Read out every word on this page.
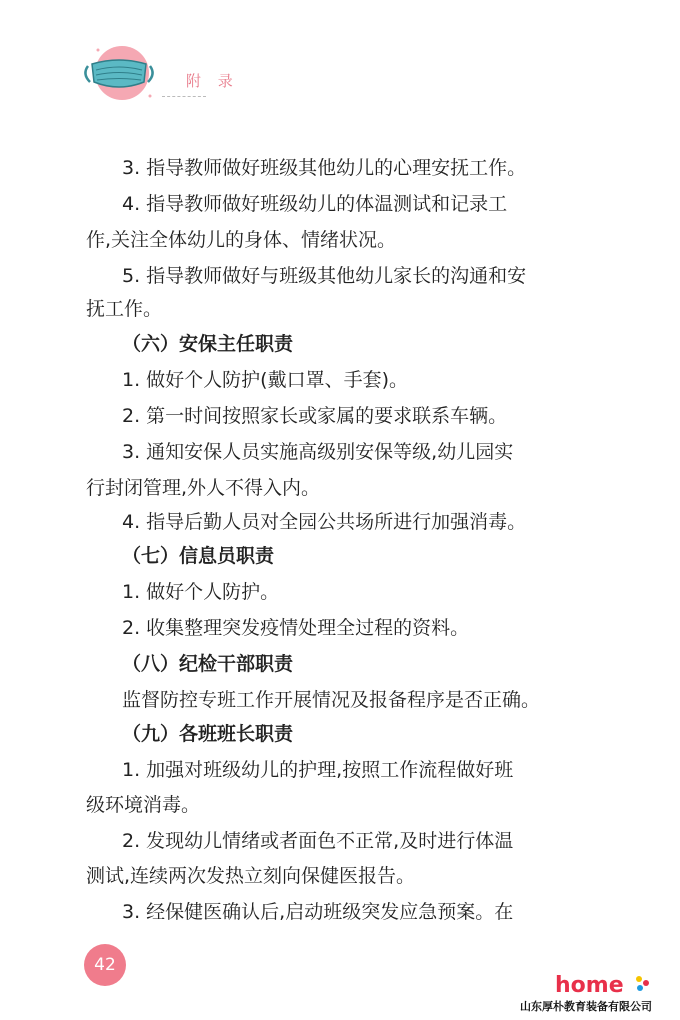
附 录
3. 指导教师做好班级其他幼儿的心理安抚工作。
4. 指导教师做好班级幼儿的体温测试和记录工
作,关注全体幼儿的身体、情绪状况。
5. 指导教师做好与班级其他幼儿家长的沟通和安
抚工作。
（六）安保主任职责
1. 做好个人防护(戴口罩、手套)。
2. 第一时间按照家长或家属的要求联系车辆。
3. 通知安保人员实施高级别安保等级,幼儿园实
行封闭管理,外人不得入内。
4. 指导后勤人员对全园公共场所进行加强消毒。
（七）信息员职责
1. 做好个人防护。
2. 收集整理突发疫情处理全过程的资料。
（八）纪检干部职责
监督防控专班工作开展情况及报备程序是否正确。
（九）各班班长职责
1. 加强对班级幼儿的护理,按照工作流程做好班
级环境消毒。
2. 发现幼儿情绪或者面色不正常,及时进行体温
测试,连续两次发热立刻向保健医报告。
3. 经保健医确认后,启动班级突发应急预案。在
42
home
山东厚朴教育装备有限公司
